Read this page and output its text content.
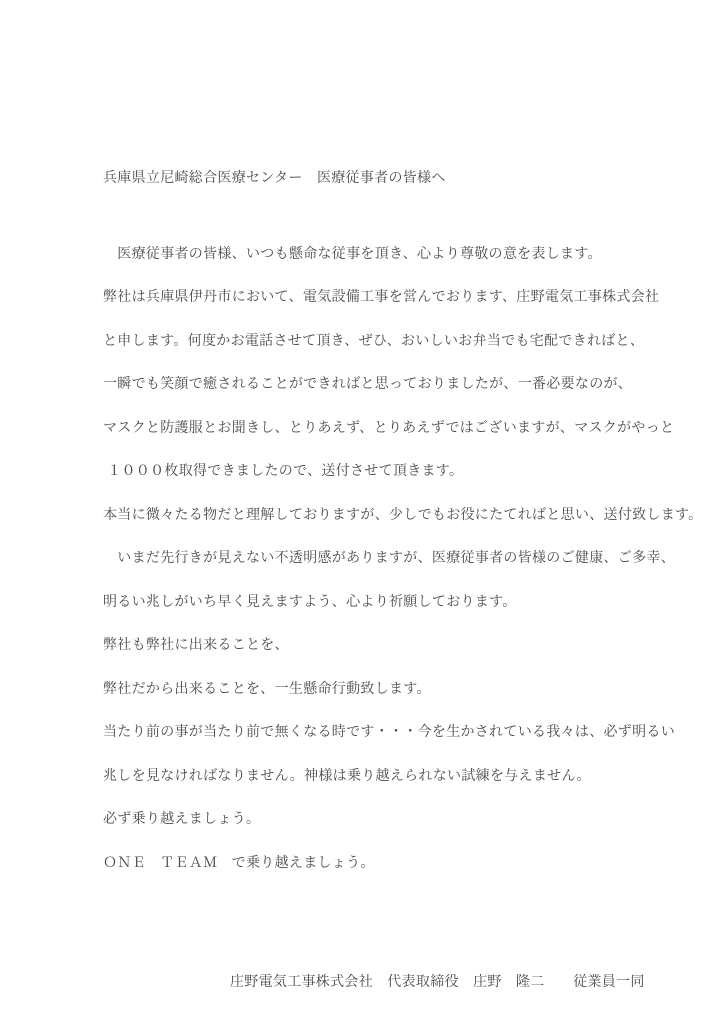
兵庫県立尼崎総合医療センター　医療従事者の皆様へ

　医療従事者の皆様、いつも懸命な従事を頂き、心より尊敬の意を表します。
弊社は兵庫県伊丹市において、電気設備工事を営んでおります、庄野電気工事株式会社
と申します。何度かお電話させて頂き、ぜひ、おいしいお弁当でも宅配できればと、
一瞬でも笑顔で癒されることができればと思っておりましたが、一番必要なのが、
マスクと防護服とお聞きし、とりあえず、とりあえずではございますが、マスクがやっと
１０００枚取得できましたので、送付させて頂きます。
本当に微々たる物だと理解しておりますが、少しでもお役にたてればと思い、送付致します。
　いまだ先行きが見えない不透明感がありますが、医療従事者の皆様のご健康、ご多幸、
明るい兆しがいち早く見えますよう、心より祈願しております。
弊社も弊社に出来ることを、
弊社だから出来ることを、一生懸命行動致します。
当たり前の事が当たり前で無くなる時です・・・今を生かされている我々は、必ず明るい
兆しを見なければなりません。神様は乗り越えられない試練を与えません。
必ず乗り越えましょう。
ＯＮＥ　ＴＥＡＭ　で乗り越えましょう。

庄野電気工事株式会社　代表取締役　庄野　隆二　　従業員一同
